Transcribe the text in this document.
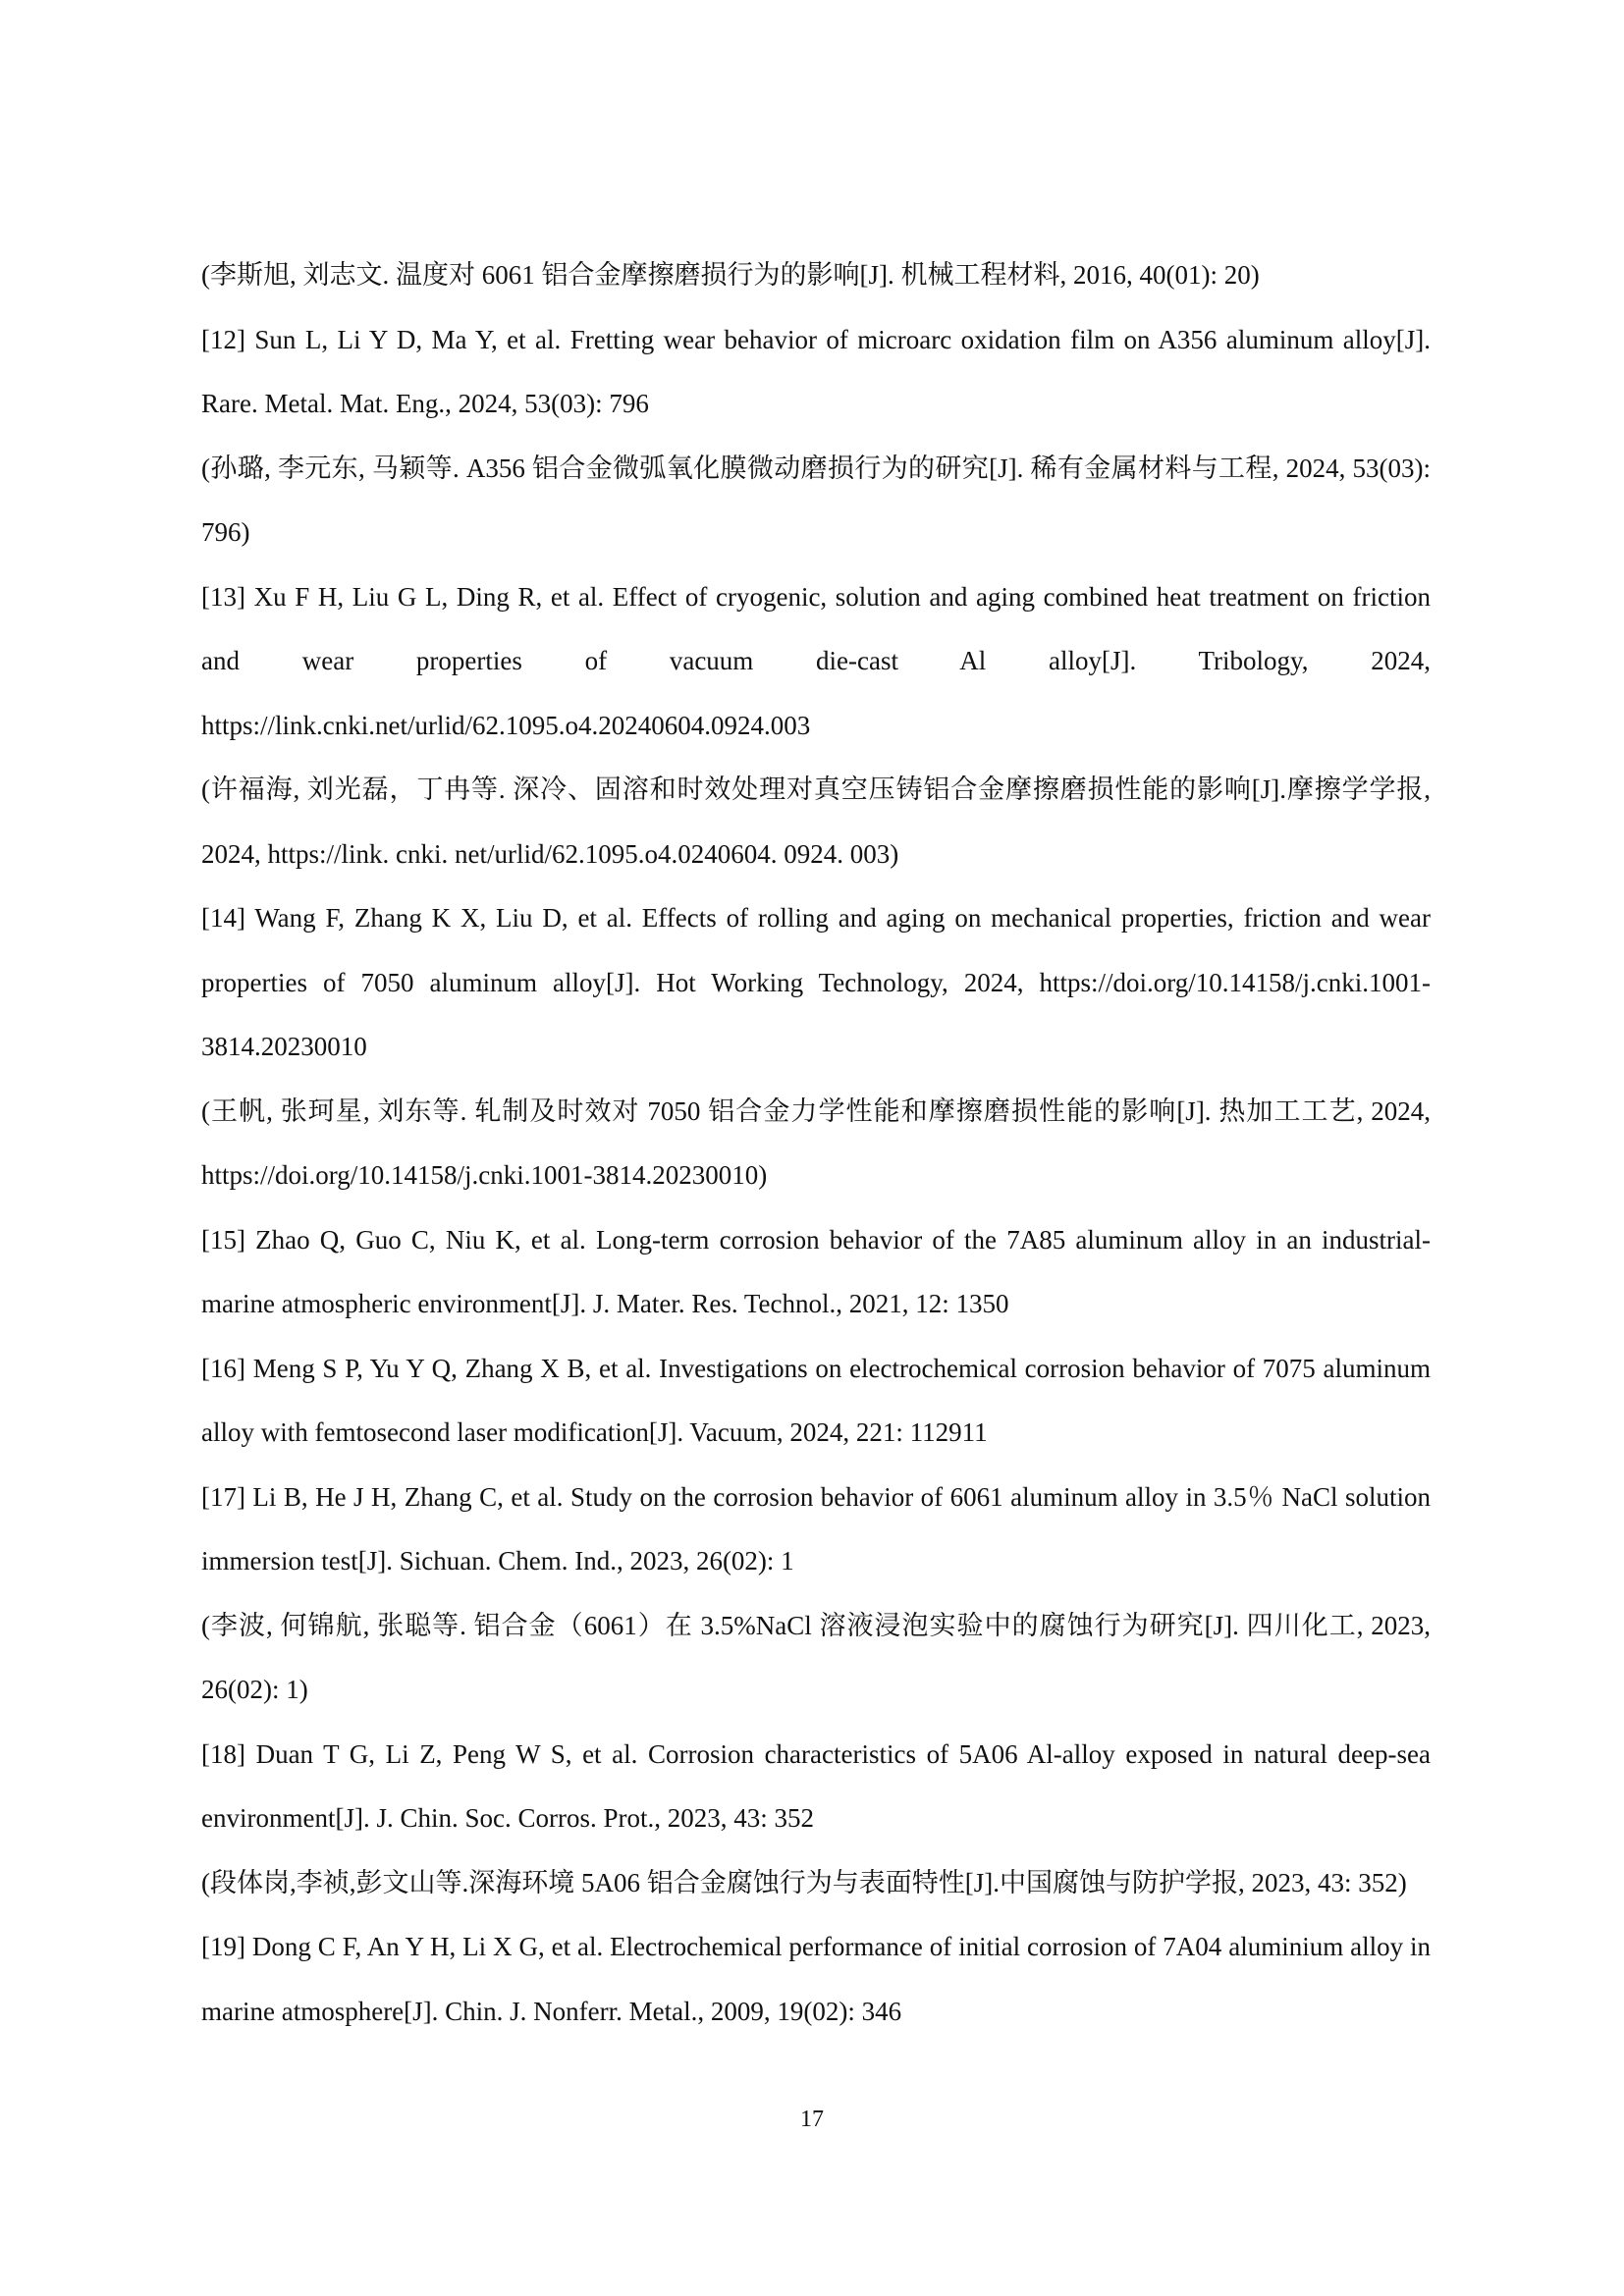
(李斯旭, 刘志文. 温度对 6061 铝合金摩擦磨损行为的影响[J]. 机械工程材料, 2016, 40(01): 20)

[12] Sun L, Li Y D, Ma Y, et al. Fretting wear behavior of microarc oxidation film on A356 aluminum alloy[J]. Rare. Metal. Mat. Eng., 2024, 53(03): 796

(孙璐, 李元东, 马颖等. A356 铝合金微弧氧化膜微动磨损行为的研究[J]. 稀有金属材料与工程, 2024, 53(03): 796)

[13] Xu F H, Liu G L, Ding R, et al. Effect of cryogenic, solution and aging combined heat treatment on friction and wear properties of vacuum die-cast Al alloy[J]. Tribology, 2024, https://link.cnki.net/urlid/62.1095.o4.20240604.0924.003

(许福海, 刘光磊，丁冉等. 深冷、固溶和时效处理对真空压铸铝合金摩擦磨损性能的影响[J].摩擦学学报, 2024, https://link. cnki. net/urlid/62.1095.o4.0240604. 0924. 003)

[14] Wang F, Zhang K X, Liu D, et al. Effects of rolling and aging on mechanical properties, friction and wear properties of 7050 aluminum alloy[J]. Hot Working Technology, 2024, https://doi.org/10.14158/j.cnki.1001-3814.20230010

(王帆, 张珂星, 刘东等. 轧制及时效对 7050 铝合金力学性能和摩擦磨损性能的影响[J]. 热加工工艺, 2024, https://doi.org/10.14158/j.cnki.1001-3814.20230010)

[15] Zhao Q, Guo C, Niu K, et al. Long-term corrosion behavior of the 7A85 aluminum alloy in an industrial-marine atmospheric environment[J]. J. Mater. Res. Technol., 2021, 12: 1350

[16] Meng S P, Yu Y Q, Zhang X B, et al. Investigations on electrochemical corrosion behavior of 7075 aluminum alloy with femtosecond laser modification[J]. Vacuum, 2024, 221: 112911

[17] Li B, He J H, Zhang C, et al. Study on the corrosion behavior of 6061 aluminum alloy in 3.5％ NaCl solution immersion test[J]. Sichuan. Chem. Ind., 2023, 26(02): 1

(李波, 何锦航, 张聪等. 铝合金（6061）在 3.5%NaCl 溶液浸泡实验中的腐蚀行为研究[J]. 四川化工, 2023, 26(02): 1)

[18] Duan T G, Li Z, Peng W S, et al. Corrosion characteristics of 5A06 Al-alloy exposed in natural deep-sea environment[J]. J. Chin. Soc. Corros. Prot., 2023, 43: 352

(段体岗,李祯,彭文山等.深海环境 5A06 铝合金腐蚀行为与表面特性[J].中国腐蚀与防护学报, 2023, 43: 352)

[19] Dong C F, An Y H, Li X G, et al. Electrochemical performance of initial corrosion of 7A04 aluminium alloy in marine atmosphere[J]. Chin. J. Nonferr. Metal., 2009, 19(02): 346

17
